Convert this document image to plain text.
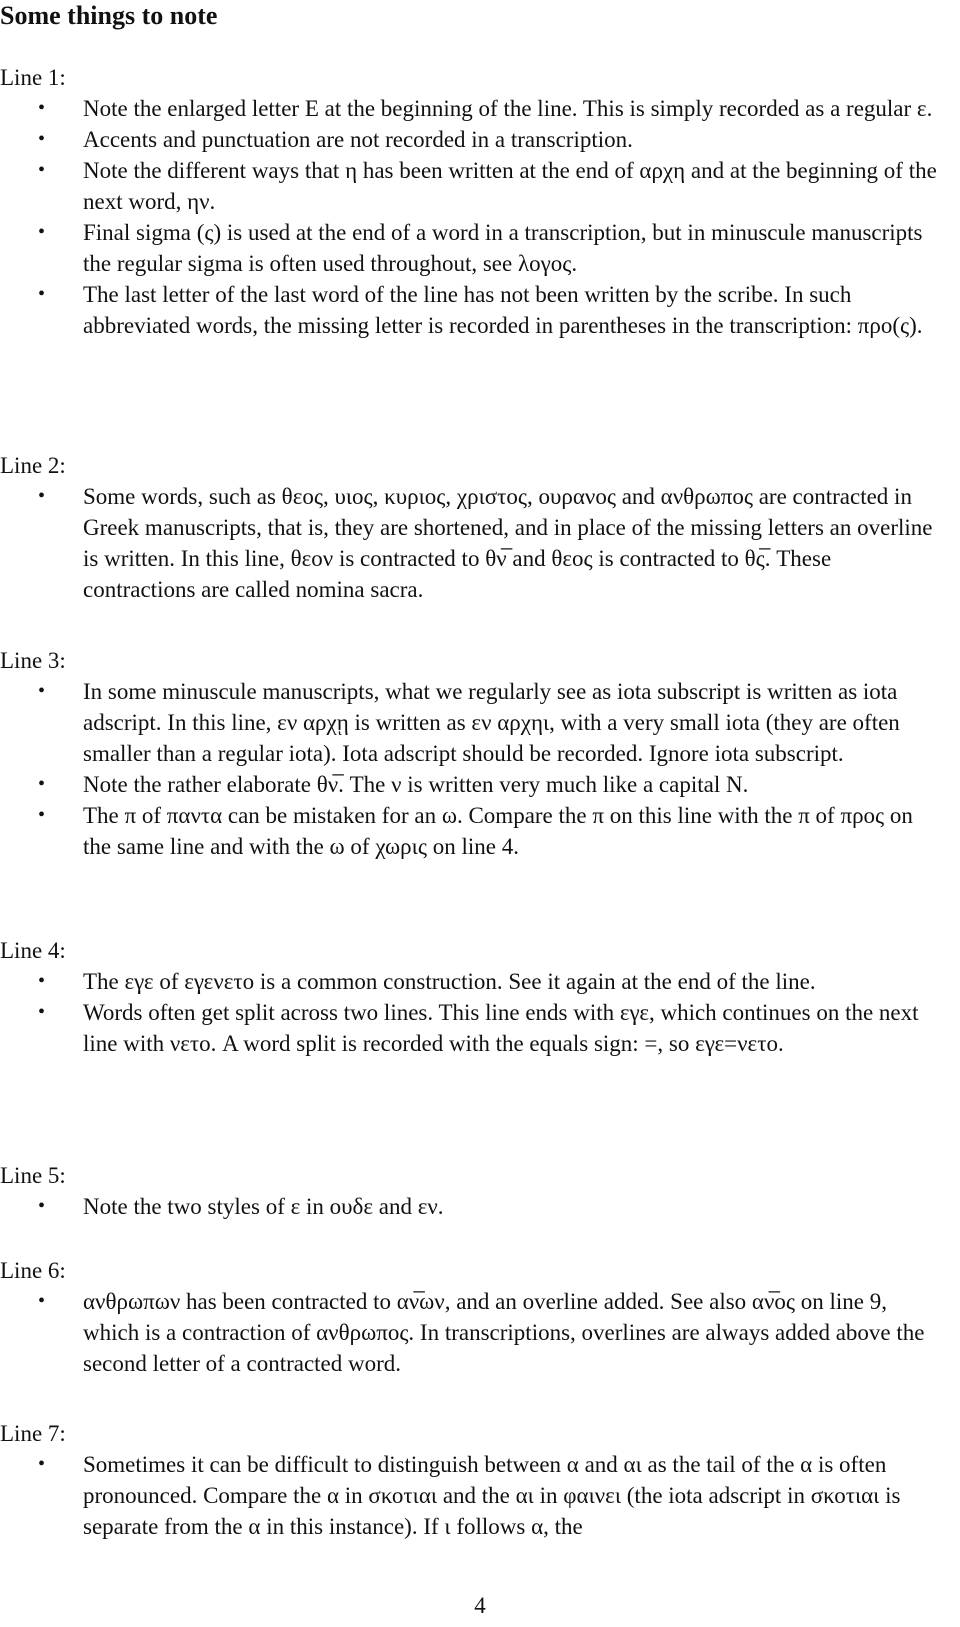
Some things to note
Line 1:
• Note the enlarged letter E at the beginning of the line. This is simply recorded as a regular ε.
• Accents and punctuation are not recorded in a transcription.
• Note the different ways that η has been written at the end of αρχη and at the beginning of the next word, ην.
• Final sigma (ς) is used at the end of a word in a transcription, but in minuscule manuscripts the regular sigma is often used throughout, see λογος.
• The last letter of the last word of the line has not been written by the scribe. In such abbreviated words, the missing letter is recorded in parentheses in the transcription: προ(ς).
Line 2:
• Some words, such as θεος, υιος, κυριος, χριστος, ουρανος and ανθρωπος are contracted in Greek manuscripts, that is, they are shortened, and in place of the missing letters an overline is written. In this line, θεον is contracted to θν̅ and θεος is contracted to θς̅. These contractions are called nomina sacra.
Line 3:
• In some minuscule manuscripts, what we regularly see as iota subscript is written as iota adscript. In this line, εν αρχῃ is written as εν αρχηι, with a very small iota (they are often smaller than a regular iota). Iota adscript should be recorded. Ignore iota subscript.
• Note the rather elaborate θν̅. The ν is written very much like a capital N.
• The π of παντα can be mistaken for an ω. Compare the π on this line with the π of προς on the same line and with the ω of χωρις on line 4.
Line 4:
• The εγε of εγενετο is a common construction. See it again at the end of the line.
• Words often get split across two lines. This line ends with εγε, which continues on the next line with νετο. A word split is recorded with the equals sign: =, so εγε=νετο.
Line 5:
• Note the two styles of ε in ουδε and εν.
Line 6:
• ανθρωπων has been contracted to αν̅ων, and an overline added. See also αν̅ος on line 9, which is a contraction of ανθρωπος. In transcriptions, overlines are always added above the second letter of a contracted word.
Line 7:
• Sometimes it can be difficult to distinguish between α and αι as the tail of the α is often pronounced. Compare the α in σκοτιαι and the αι in φαινει (the iota adscript in σκοτιαι is separate from the α in this instance). If ι follows α, the
4
